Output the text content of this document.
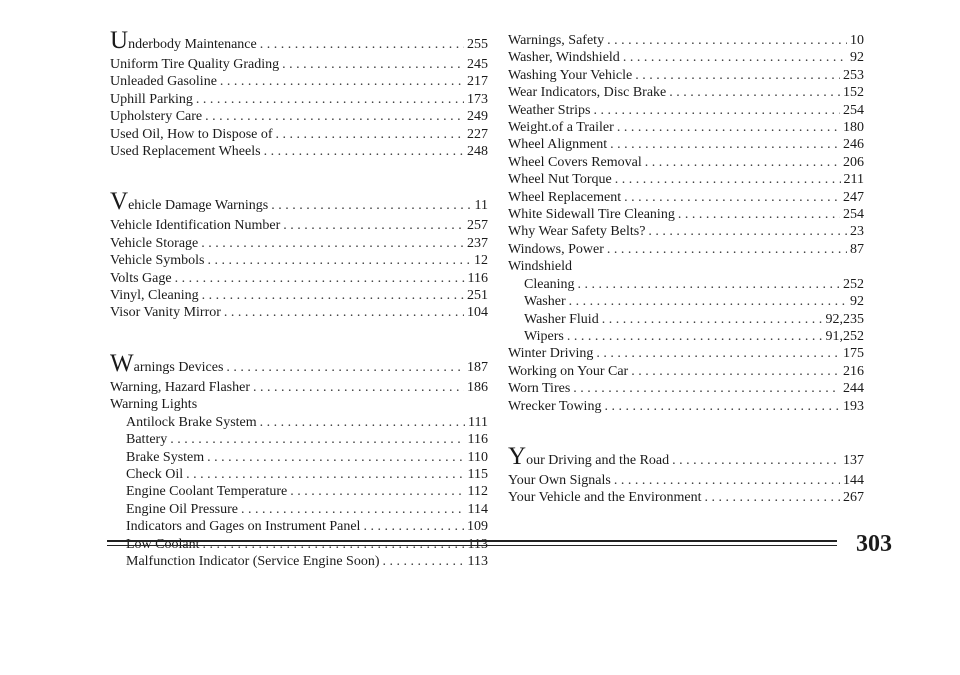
Underbody Maintenance . . .	255
Uniform Tire Quality Grading . . .	245
Unleaded Gasoline . . .	217
Uphill Parking . . .	173
Upholstery Care . . .	249
Used Oil, How to Dispose of . . .	227
Used Replacement Wheels . . .	248
Vehicle Damage Warnings . . .	11
Vehicle Identification Number . . .	257
Vehicle Storage . . .	237
Vehicle Symbols . . .	12
Volts Gage . . .	116
Vinyl, Cleaning . . .	251
Visor Vanity Mirror . . .	104
Warnings Devices . . .	187
Warning, Hazard Flasher . . .	186
Warning Lights
Antilock Brake System . . .	111
Battery . . .	116
Brake System . . .	110
Check Oil . . .	115
Engine Coolant Temperature . . .	112
Engine Oil Pressure . . .	114
Indicators and Gages on Instrument Panel . . .	109
Low Coolant . . .	113
Malfunction Indicator (Service Engine Soon) . . .	113
Warnings, Safety . . .	10
Washer, Windshield . . .	92
Washing Your Vehicle . . .	253
Wear Indicators, Disc Brake . . .	152
Weather Strips . . .	254
Weight.of a Trailer . . .	180
Wheel Alignment . . .	246
Wheel Covers Removal . . .	206
Wheel Nut Torque . . .	211
Wheel Replacement . . .	247
White Sidewall Tire Cleaning . . .	254
Why Wear Safety Belts? . . .	23
Windows, Power . . .	87
Windshield
Cleaning . . .	252
Washer . . .	92
Washer Fluid . . .	92,235
Wipers . . .	91,252
Winter Driving . . .	175
Working on Your Car . . .	216
Worn Tires . . .	244
Wrecker Towing . . .	193
Your Driving and the Road . . .	137
Your Own Signals . . .	144
Your Vehicle and the Environment . . .	267
303
